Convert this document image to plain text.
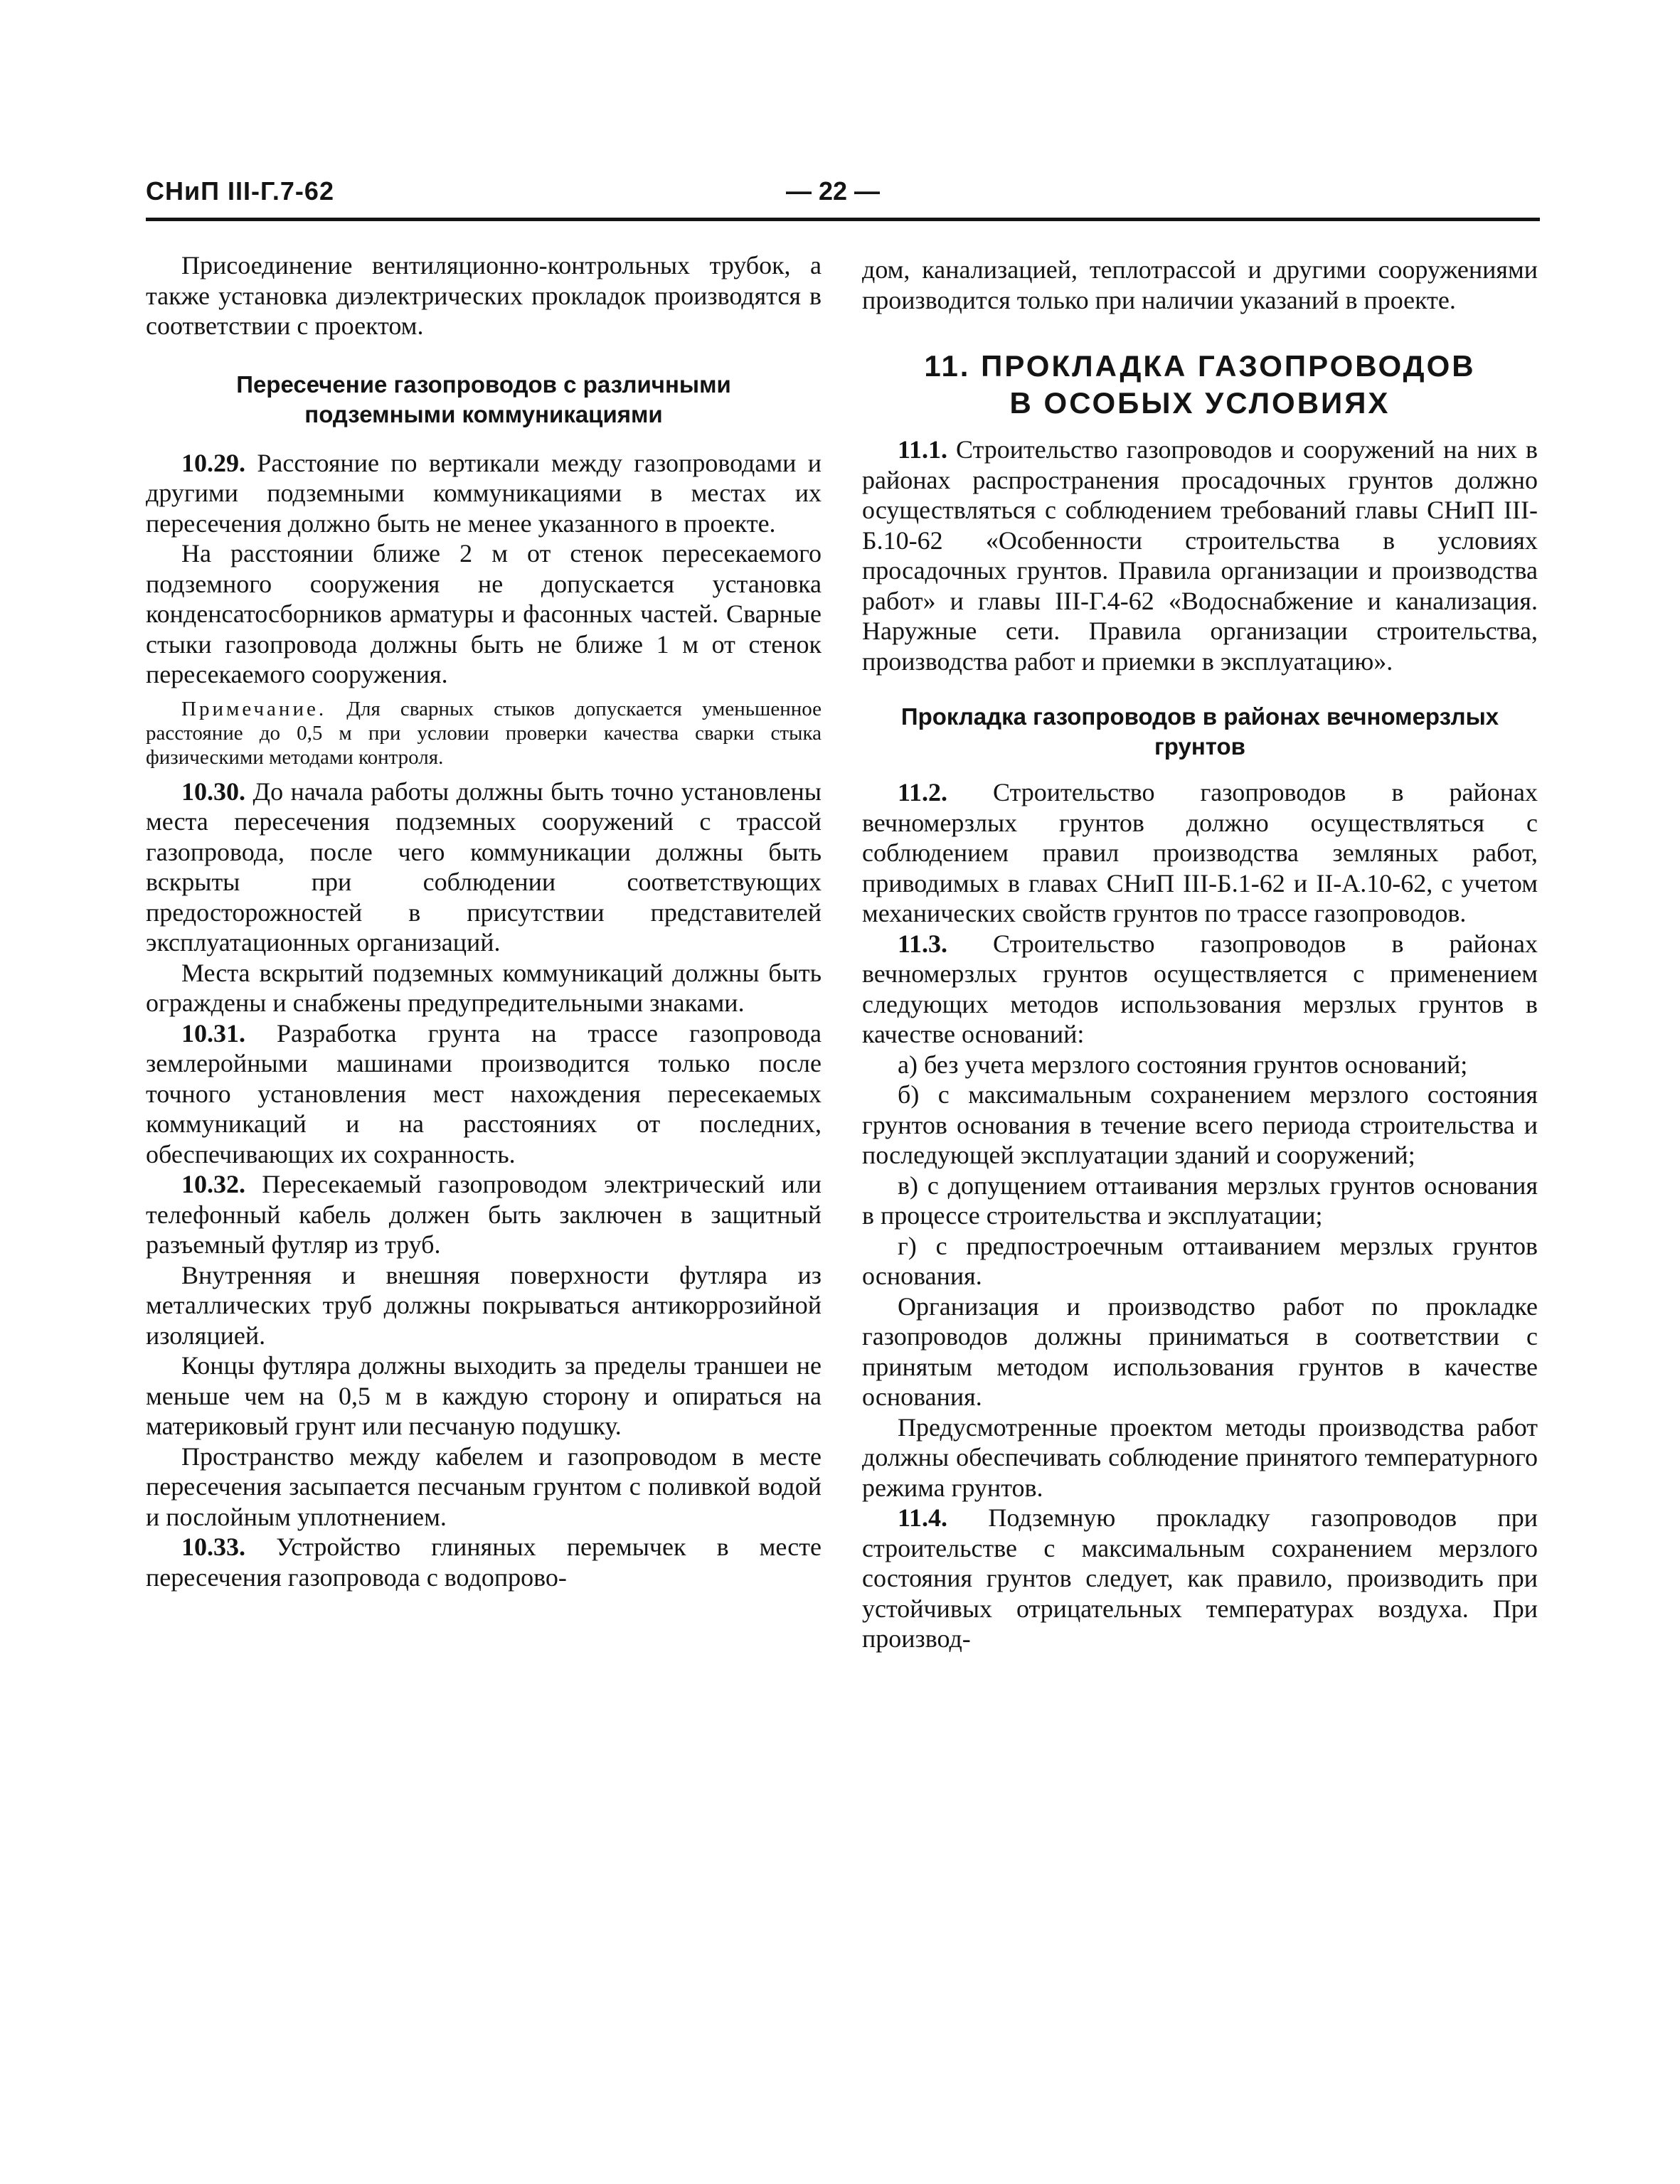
СНиП III-Г.7-62	— 22 —

Присоединение вентиляционно-контрольных трубок, а также установка диэлектрических прокладок производятся в соответствии с проектом.

Пересечение газопроводов с различными подземными коммуникациями

10.29. Расстояние по вертикали между газопроводами и другими подземными коммуникациями в местах их пересечения должно быть не менее указанного в проекте.

На расстоянии ближе 2 м от стенок пересекаемого подземного сооружения не допускается установка конденсатосборников арматуры и фасонных частей. Сварные стыки газопровода должны быть не ближе 1 м от стенок пересекаемого сооружения.

Примечание. Для сварных стыков допускается уменьшенное расстояние до 0,5 м при условии проверки качества сварки стыка физическими методами контроля.

10.30. До начала работы должны быть точно установлены места пересечения подземных сооружений с трассой газопровода, после чего коммуникации должны быть вскрыты при соблюдении соответствующих предосторожностей в присутствии представителей эксплуатационных организаций.

Места вскрытий подземных коммуникаций должны быть ограждены и снабжены предупредительными знаками.

10.31. Разработка грунта на трассе газопровода землеройными машинами производится только после точного установления мест нахождения пересекаемых коммуникаций и на расстояниях от последних, обеспечивающих их сохранность.

10.32. Пересекаемый газопроводом электрический или телефонный кабель должен быть заключен в защитный разъемный футляр из труб.

Внутренняя и внешняя поверхности футляра из металлических труб должны покрываться антикоррозийной изоляцией.

Концы футляра должны выходить за пределы траншеи не меньше чем на 0,5 м в каждую сторону и опираться на материковый грунт или песчаную подушку.

Пространство между кабелем и газопроводом в месте пересечения засыпается песчаным грунтом с поливкой водой и послойным уплотнением.

10.33. Устройство глиняных перемычек в месте пересечения газопровода с водопрово-

дом, канализацией, теплотрассой и другими сооружениями производится только при наличии указаний в проекте.

11. ПРОКЛАДКА ГАЗОПРОВОДОВ
В ОСОБЫХ УСЛОВИЯХ

11.1. Строительство газопроводов и сооружений на них в районах распространения просадочных грунтов должно осуществляться с соблюдением требований главы СНиП III-Б.10-62 «Особенности строительства в условиях просадочных грунтов. Правила организации и производства работ» и главы III-Г.4-62 «Водоснабжение и канализация. Наружные сети. Правила организации строительства, производства работ и приемки в эксплуатацию».

Прокладка газопроводов в районах вечномерзлых грунтов

11.2. Строительство газопроводов в районах вечномерзлых грунтов должно осуществляться с соблюдением правил производства земляных работ, приводимых в главах СНиП III-Б.1-62 и II-А.10-62, с учетом механических свойств грунтов по трассе газопроводов.

11.3. Строительство газопроводов в районах вечномерзлых грунтов осуществляется с применением следующих методов использования мерзлых грунтов в качестве оснований:

а) без учета мерзлого состояния грунтов оснований;

б) с максимальным сохранением мерзлого состояния грунтов основания в течение всего периода строительства и последующей эксплуатации зданий и сооружений;

в) с допущением оттаивания мерзлых грунтов основания в процессе строительства и эксплуатации;

г) с предпостроечным оттаиванием мерзлых грунтов основания.

Организация и производство работ по прокладке газопроводов должны приниматься в соответствии с принятым методом использования грунтов в качестве основания.

Предусмотренные проектом методы производства работ должны обеспечивать соблюдение принятого температурного режима грунтов.

11.4. Подземную прокладку газопроводов при строительстве с максимальным сохранением мерзлого состояния грунтов следует, как правило, производить при устойчивых отрицательных температурах воздуха. При производ-
